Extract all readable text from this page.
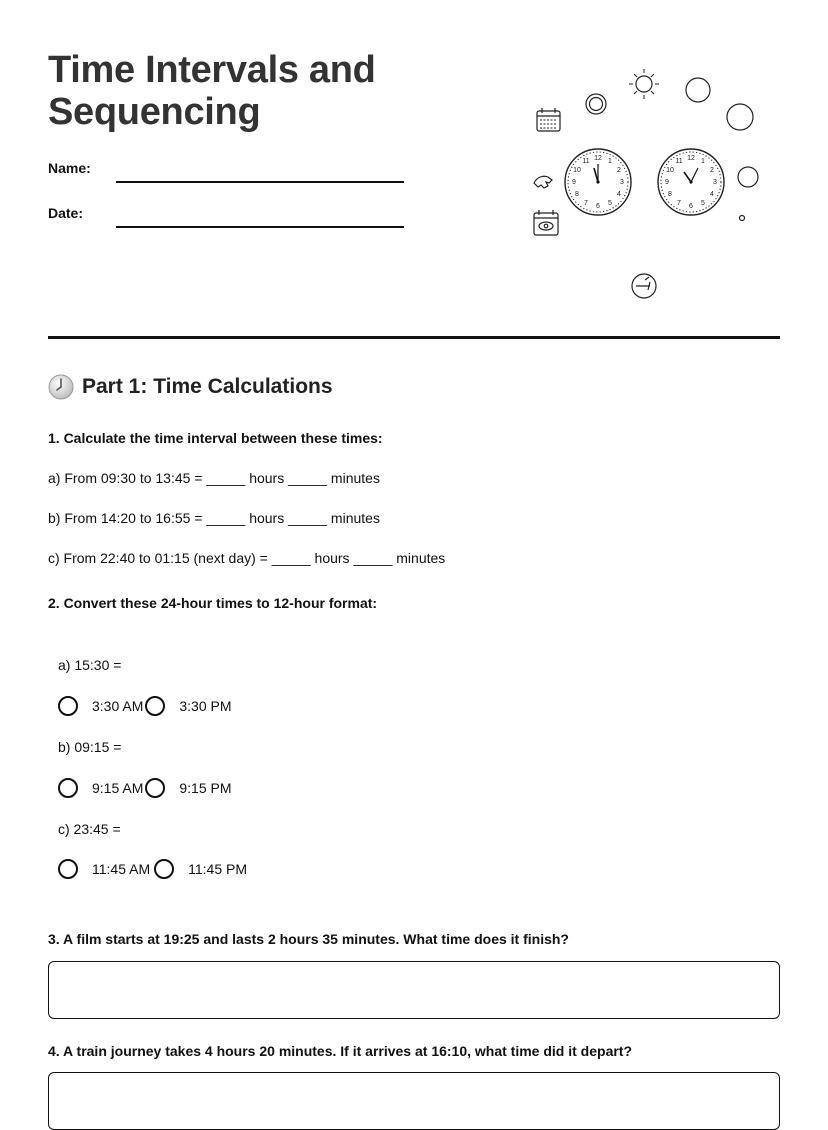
Time Intervals and
Sequencing
Name:
Date:
12 1
2
3
4
5
6
7
8
9
10
11	12 1
2
3
4
5
6
7
8
9
10
11
Part 1: Time Calculations
1. Calculate the time interval between these times:
a) From 09:30 to 13:45 = _____ hours _____ minutes
b) From 14:20 to 16:55 = _____ hours _____ minutes
c) From 22:40 to 01:15 (next day) = _____ hours _____ minutes
2. Convert these 24-hour times to 12-hour format:
a) 15:30 =
3:30 AM	3:30 PM
b) 09:15 =
9:15 AM	9:15 PM
c) 23:45 =
11:45 AM	11:45 PM
3. A film starts at 19:25 and lasts 2 hours 35 minutes. What time does it finish?
4. A train journey takes 4 hours 20 minutes. If it arrives at 16:10, what time did it depart?
